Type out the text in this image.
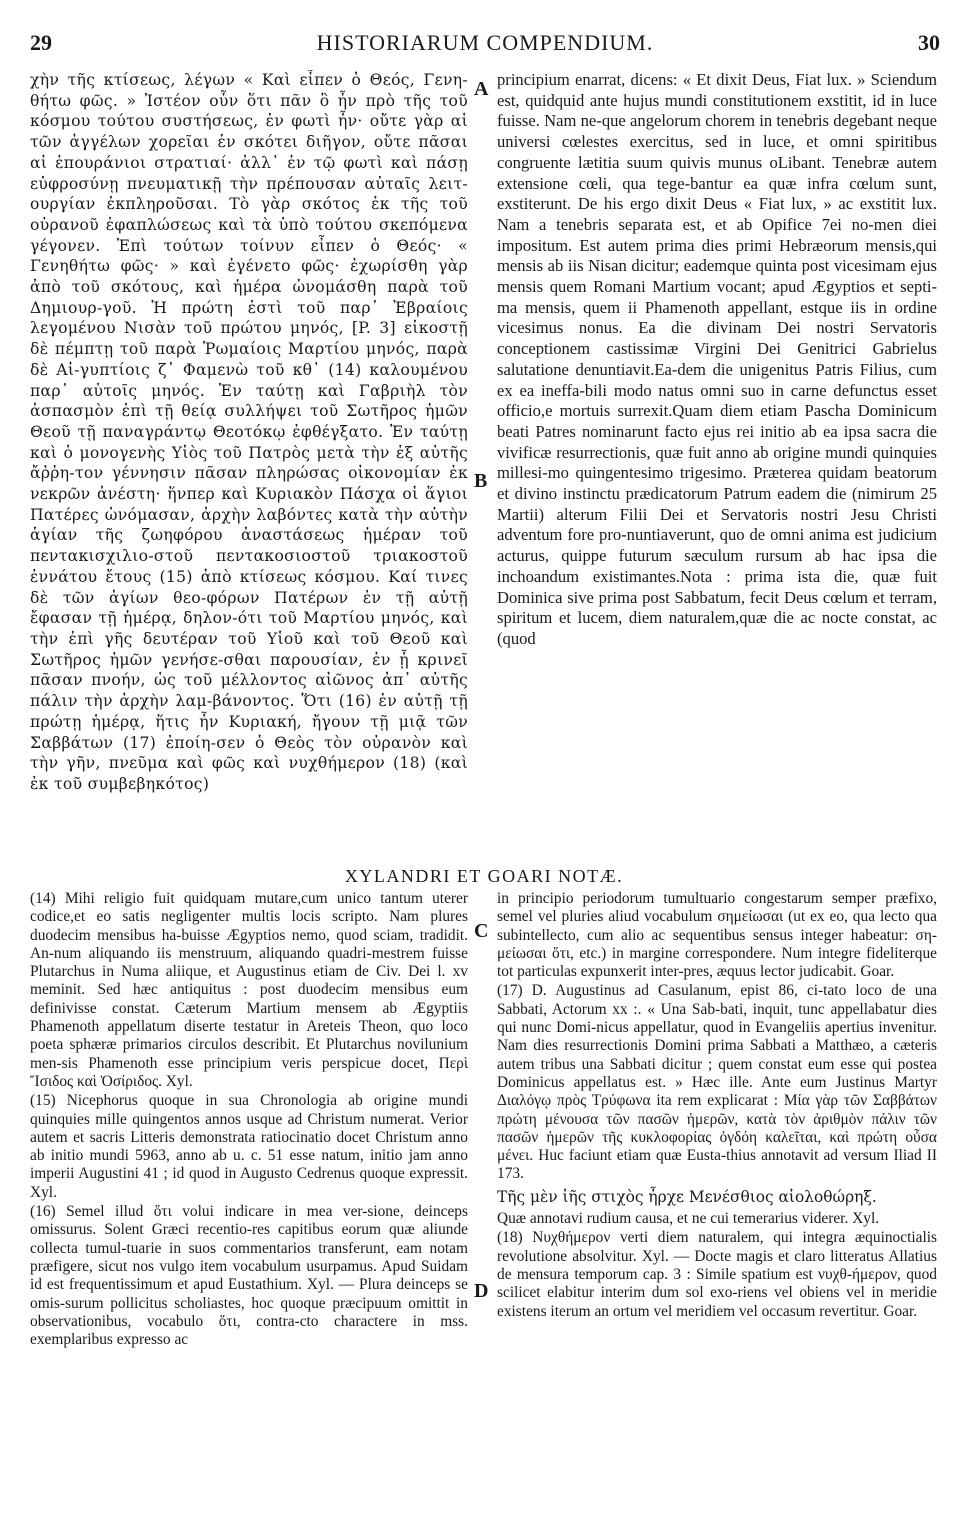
29	HISTORIARUM COMPENDIUM.	30

χὴν τῆς κτίσεως, λέγων « Καὶ εἶπεν ὁ Θεός, Γενη-θήτω φῶς. » Ἰστέον οὖν ὅτι πᾶν ὃ ἦν πρὸ τῆς τοῦ κόσμου τούτου συστήσεως, ἐν φωτὶ ἦν· οὔτε γὰρ αἱ τῶν ἀγγέλων χορεῖαι ἐν σκότει διῆγον, οὔτε πᾶσαι αἱ ἐπουράνιοι στρατιαί· ἀλλ᾽ ἐν τῷ φωτὶ καὶ πάσῃ εὐφροσύνῃ πνευματικῇ τὴν πρέπουσαν αὐταῖς λειτ-ουργίαν ἐκπληροῦσαι. Τὸ γὰρ σκότος ἐκ τῆς τοῦ οὐρανοῦ ἐφαπλώσεως καὶ τὰ ὑπὸ τούτου σκεπόμενα γέγονεν. Ἐπὶ τούτων τοίνυν εἶπεν ὁ Θεός· « Γενηθήτω φῶς· » καὶ ἐγένετο φῶς· ἐχωρίσθη γὰρ ἀπὸ τοῦ σκότους, καὶ ἡμέρα ὠνομάσθη παρὰ τοῦ Δημιουρ-γοῦ. Ἡ πρώτη ἐστὶ τοῦ παρ᾽ Ἑβραίοις λεγομένου Νισὰν τοῦ πρώτου μηνός, [P. 3] εἰκοστῇ δὲ πέμπτῃ τοῦ παρὰ Ῥωμαίοις Μαρτίου μηνός, παρὰ δὲ Αἰ-γυπτίοις ζ᾽ Φαμενὼ τοῦ κθ᾽ (14) καλουμένου παρ᾽ αὐτοῖς μηνός. Ἐν ταύτῃ καὶ Γαβριὴλ τὸν ἀσπασμὸν ἐπὶ τῇ θείᾳ συλλήψει τοῦ Σωτῆρος ἡμῶν Θεοῦ τῇ παναγράντῳ Θεοτόκῳ ἐφθέγξατο. Ἐν ταύτῃ καὶ ὁ μονογενὴς Υἱὸς τοῦ Πατρὸς μετὰ τὴν ἐξ αὐτῆς ἄῤῥη-τον γέννησιν πᾶσαν πληρώσας οἰκονομίαν ἐκ νεκρῶν ἀνέστη· ἥνπερ καὶ Κυριακὸν Πάσχα οἱ ἅγιοι Πατέρες ὠνόμασαν, ἀρχὴν λαβόντες κατὰ τὴν αὐτὴν ἁγίαν τῆς ζωηφόρου ἀναστάσεως ἡμέραν τοῦ πεντακισχιλιο-στοῦ πεντακοσιοστοῦ τριακοστοῦ ἐννάτου ἔτους (15) ἀπὸ κτίσεως κόσμου. Καί τινες δὲ τῶν ἁγίων θεο-φόρων Πατέρων ἐν τῇ αὐτῇ ἔφασαν τῇ ἡμέρᾳ, δηλον-ότι τοῦ Μαρτίου μηνός, καὶ τὴν ἐπὶ γῆς δευτέραν τοῦ Υἱοῦ καὶ τοῦ Θεοῦ καὶ Σωτῆρος ἡμῶν γενήσε-σθαι παρουσίαν, ἐν ᾗ κρινεῖ πᾶσαν πνοήν, ὡς τοῦ μέλλοντος αἰῶνος ἀπ᾽ αὐτῆς πάλιν τὴν ἀρχὴν λαμ-βάνοντος. Ὅτι (16) ἐν αὐτῇ τῇ πρώτῃ ἡμέρᾳ, ἥτις ἦν Κυριακή, ἤγουν τῇ μιᾷ τῶν Σαββάτων (17) ἐποίη-σεν ὁ Θεὸς τὸν οὐρανὸν καὶ τὴν γῆν, πνεῦμα καὶ φῶς καὶ νυχθήμερον (18) (καὶ ἐκ τοῦ συμβεβηκότος)

principium enarrat, dicens: « Et dixit Deus, Fiat lux. » Sciendum est, quidquid ante hujus mundi constitutionem exstitit, id in luce fuisse. Nam ne-que angelorum chorem in tenebris degebant neque universi cœlestes exercitus, sed in luce, et omni spiritibus congruente lætitia suum quivis munus oLibant. Tenebræ autem extensione cœli, qua tege-bantur ea quæ infra cœlum sunt, exstiterunt. De his ergo dixit Deus « Fiat lux, » ac exstitit lux. Nam a tenebris separata est, et ab Opifice 7ei no-men diei impositum. Est autem prima dies primi Hebræorum mensis,qui mensis ab iis Nisan dicitur; eademque quinta post vicesimam ejus mensis quem Romani Martium vocant; apud Ægyptios et septi-ma mensis, quem ii Phamenoth appellant, estque iis in ordine vicesimus nonus. Ea die divinam Dei nostri Servatoris conceptionem castissimæ Virgini Dei Genitrici Gabrielus salutatione denuntiavit.Ea-dem die unigenitus Patris Filius, cum ex ea ineffa-bili modo natus omni suo in carne defunctus esset officio,e mortuis surrexit.Quam diem etiam Pascha Dominicum beati Patres nominarunt facto ejus rei initio ab ea ipsa sacra die vivificæ resurrectionis, quæ fuit anno ab origine mundi quinquies millesi-mo quingentesimo trigesimo. Præterea quidam beatorum et divino instinctu prædicatorum Patrum eadem die (nimirum 25 Martii) alterum Filii Dei et Servatoris nostri Jesu Christi adventum fore pro-nuntiaverunt, quo de omni anima est judicium acturus, quippe futurum sæculum rursum ab hac ipsa die inchoandum existimantes.Nota : prima ista die, quæ fuit Dominica sive prima post Sabbatum, fecit Deus cœlum et terram, spiritum et lucem, diem naturalem,quæ die ac nocte constat, ac (quod

A
B
C
D
XYLANDRI ET GOARI NOTÆ.

(14) Mihi religio fuit quidquam mutare,cum unico tantum uterer codice,et eo satis negligenter multis locis scripto. Nam plures duodecim mensibus ha-buisse Ægyptios nemo, quod sciam, tradidit. An-num aliquando iis menstruum, aliquando quadri-mestrem fuisse Plutarchus in Numa aliique, et Augustinus etiam de Civ. Dei l. xv meminit. Sed hæc antiquitus : post duodecim mensibus eum definivisse constat. Cæterum Martium mensem ab Ægyptiis Phamenoth appellatum diserte testatur in Areteis Theon, quo loco poeta sphæræ primarios circulos describit. Et Plutarchus novilunium men-sis Phamenoth esse principium veris perspicue docet, Περὶ Ἴσιδος καὶ Ὀσίριδος. Xyl.

(15) Nicephorus quoque in sua Chronologia ab origine mundi quinquies mille quingentos annos usque ad Christum numerat. Verior autem et sacris Litteris demonstrata ratiocinatio docet Christum anno ab initio mundi 5963, anno ab u. c. 51 esse natum, initio jam anno imperii Augustini 41 ; id quod in Augusto Cedrenus quoque expressit. Xyl.

(16) Semel illud ὅτι volui indicare in mea ver-sione, deinceps omissurus. Solent Græci recentio-res capitibus eorum quæ aliunde collecta tumul-tuarie in suos commentarios transferunt, eam notam præfigere, sicut nos vulgo item vocabulum usurpamus. Apud Suidam id est frequentissimum et apud Eustathium. Xyl. — Plura deinceps se omis-surum pollicitus scholiastes, hoc quoque præcipuum omittit in observationibus, vocabulo ὅτι, contra-cto charactere in mss. exemplaribus expresso ac

in principio periodorum tumultuario congestarum semper præfixo, semel vel pluries aliud vocabulum σημείωσαι (ut ex eo, qua lecto qua subintellecto, cum alio ac sequentibus sensus integer habeatur: ση-μείωσαι ὅτι, etc.) in margine correspondere. Num integre fideliterque tot particulas expunxerit inter-pres, æquus lector judicabit. Goar.

(17) D. Augustinus ad Casulanum, epist 86, ci-tato loco de una Sabbati, Actorum xx :. « Una Sab-bati, inquit, tunc appellabatur dies qui nunc Domi-nicus appellatur, quod in Evangeliis apertius invenitur. Nam dies resurrectionis Domini prima Sabbati a Matthæo, a cæteris autem tribus una Sabbati dicitur ; quem constat eum esse qui postea Dominicus appellatus est. » Hæc ille. Ante eum Justinus Martyr Διαλόγῳ πρὸς Τρύφωνα ita rem explicarat : Μία γὰρ τῶν Σαββάτων πρώτη μένουσα τῶν πασῶν ἡμερῶν, κατὰ τὸν ἀριθμὸν πάλιν τῶν πασῶν ἡμερῶν τῆς κυκλοφορίας ὀγδόη καλεῖται, καὶ πρώτη οὖσα μένει. Huc faciunt etiam quæ Eusta-thius annotavit ad versum Iliad II 173.

Τῆς μὲν ἰῆς στιχὸς ἦρχε Μενέσθιος αἰολοθώρηξ.

Quæ annotavi rudium causa, et ne cui temerarius viderer. Xyl.

(18) Νυχθήμερον verti diem naturalem, qui integra æquinoctialis revolutione absolvitur. Xyl. — Docte magis et claro litteratus Allatius de mensura temporum cap. 3 : Simile spatium est νυχθ-ήμερον, quod scilicet elabitur interim dum sol exo-riens vel obiens vel in meridie existens iterum an ortum vel meridiem vel occasum revertitur. Goar.
